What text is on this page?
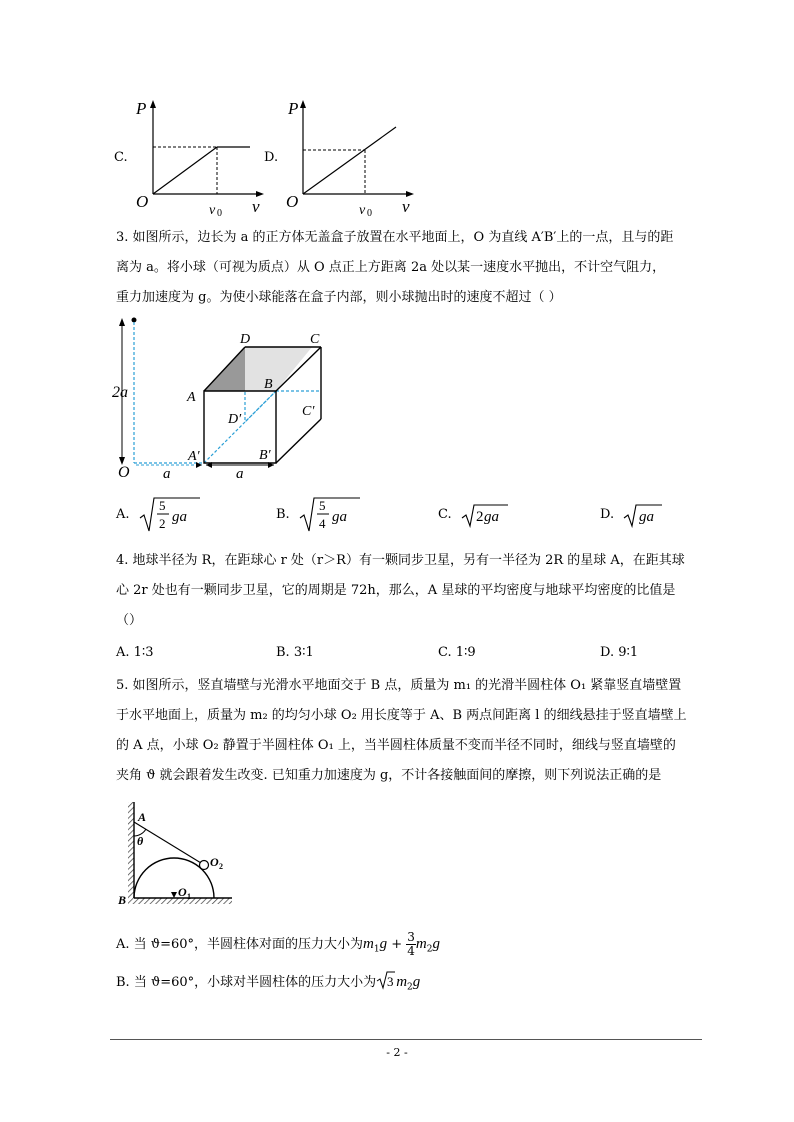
C.
P
O	v 0 v
D.
P
O	v 0 v
3. 如图所示，边长为 a 的正方体无盖盒子放置在水平地面上，O 为直线 A′B′上的一点，且与的距
离为 a。将小球（可视为质点）从 O 点正上方距离 2a 处以某一速度水平抛出，不计空气阻力，
重力加速度为 g。为使小球能落在盒子内部，则小球抛出时的速度不超过（ ）
2a
O a	a
A
B
C
D
A′	B′
C′
D′
A.
5
2 ga	B.
5
4 ga	C. 2 ga	D. ga
4. 地球半径为 R，在距球心 r 处（r＞R）有一颗同步卫星，另有一半径为 2R 的星球 A，在距其球
心 2r 处也有一颗同步卫星，它的周期是 72h，那么，A 星球的平均密度与地球平均密度的比值是
（）
A. 1∶3	B. 3∶1	C. 1∶9	D. 9∶1
5. 如图所示，竖直墙壁与光滑水平地面交于 B 点，质量为 m₁ 的光滑半圆柱体 O₁ 紧靠竖直墙壁置
于水平地面上，质量为 m₂ 的均匀小球 O₂ 用长度等于 A、B 两点间距离 l 的细线悬挂于竖直墙壁上
的 A 点，小球 O₂ 静置于半圆柱体 O₁ 上，当半圆柱体质量不变而半径不同时，细线与竖直墙壁的
夹角 ϑ 就会跟着发生改变. 已知重力加速度为 g，不计各接触面间的摩擦，则下列说法正确的是
A
θ
O 2
O 1
B
A. 当 ϑ=60°，半圆柱体对面的压力大小为$m_1g + \frac{3}{4} m_2g$
B. 当 ϑ=60°，小球对半圆柱体的压力大小为 3 $m_2g$
- 2 -
